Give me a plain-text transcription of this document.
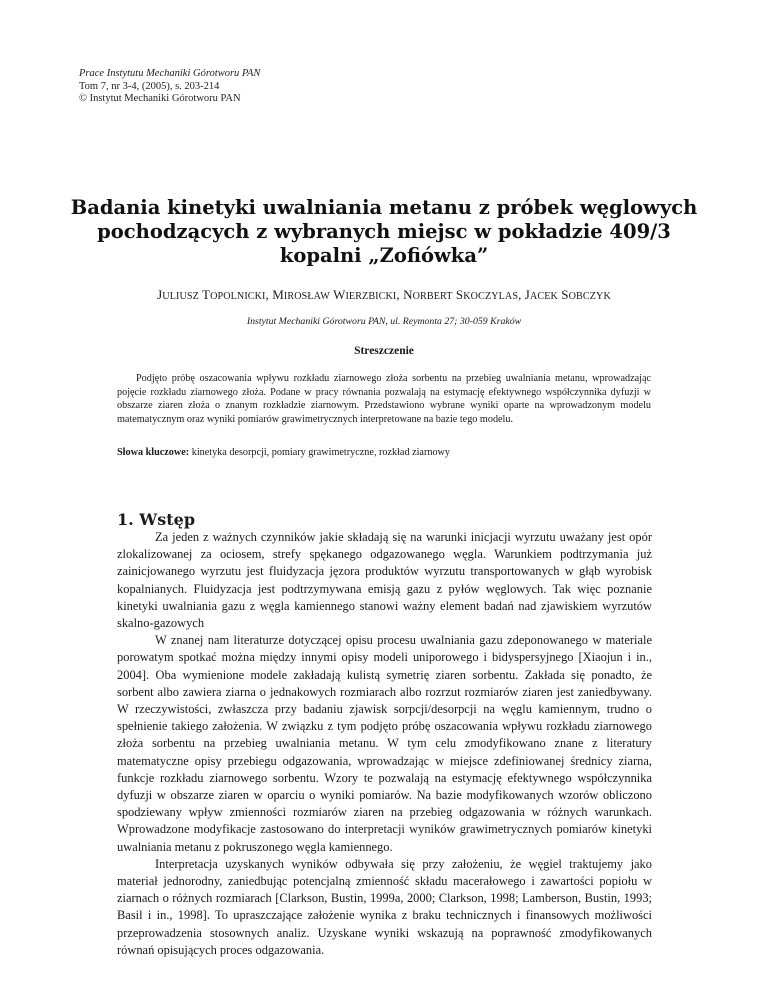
Prace Instytutu Mechaniki Górotworu PAN
Tom 7, nr 3-4, (2005), s. 203-214
© Instytut Mechaniki Górotworu PAN
Badania kinetyki uwalniania metanu z próbek węglowych pochodzących z wybranych miejsc w pokładzie 409/3 kopalni „Zofiówka”
JULIUSZ TOPOLNICKI, MIROSŁAW WIERZBICKI, NORBERT SKOCZYLAS, JACEK SOBCZYK
Instytut Mechaniki Górotworu PAN, ul. Reymonta 27; 30-059 Kraków
Streszczenie

Podjęto próbę oszacowania wpływu rozkładu ziarnowego złoża sorbentu na przebieg uwalniania metanu, wprowadzając pojęcie rozkładu ziarnowego złoża. Podane w pracy równania pozwalają na estymację efektywnego współczynnika dyfuzji w obszarze ziaren złoża o znanym rozkładzie ziarnowym. Przedstawiono wybrane wyniki oparte na wprowadzonym modelu matematycznym oraz wyniki pomiarów grawimetrycznych interpretowane na bazie tego modelu.

Słowa kluczowe: kinetyka desorpcji, pomiary grawimetryczne, rozkład ziarnowy
1. Wstęp

Za jeden z ważnych czynników jakie składają się na warunki inicjacji wyrzutu uważany jest opór zlokalizowanej za ociosem, strefy spękanego odgazowanego węgla. Warunkiem podtrzymania już zainicjowanego wyrzutu jest fluidyzacja jęzora produktów wyrzutu transportowanych w głąb wyrobisk kopalnianych. Fluidyzacja jest podtrzymywana emisją gazu z pyłów węglowych. Tak więc poznanie kinetyki uwalniania gazu z węgla kamiennego stanowi ważny element badań nad zjawiskiem wyrzutów skalno-gazowych

W znanej nam literaturze dotyczącej opisu procesu uwalniania gazu zdeponowanego w materiale porowatym spotkać można między innymi opisy modeli uniporowego i bidyspersyjnego [Xiaojun i in., 2004]. Oba wymienione modele zakładają kulistą symetrię ziaren sorbentu. Zakłada się ponadto, że sorbent albo zawiera ziarna o jednakowych rozmiarach albo rozrzut rozmiarów ziaren jest zaniedbywany. W rzeczywistości, zwłaszcza przy badaniu zjawisk sorpcji/desorpcji na węglu kamiennym, trudno o spełnienie takiego założenia. W związku z tym podjęto próbę oszacowania wpływu rozkładu ziarnowego złoża sorbentu na przebieg uwalniania metanu. W tym celu zmodyfikowano znane z literatury matematyczne opisy przebiegu odgazowania, wprowadzając w miejsce zdefiniowanej średnicy ziarna, funkcje rozkładu ziarnowego sorbentu. Wzory te pozwalają na estymację efektywnego współczynnika dyfuzji w obszarze ziaren w oparciu o wyniki pomiarów. Na bazie modyfikowanych wzorów obliczono spodziewany wpływ zmienności rozmiarów ziaren na przebieg odgazowania w różnych warunkach. Wprowadzone modyfikacje zastosowano do interpretacji wyników grawimetrycznych pomiarów kinetyki uwalniania metanu z pokruszonego węgla kamiennego.

Interpretacja uzyskanych wyników odbywała się przy założeniu, że węgiel traktujemy jako materiał jednorodny, zaniedbując potencjalną zmienność składu macerałowego i zawartości popiołu w ziarnach o różnych rozmiarach [Clarkson, Bustin, 1999a, 2000; Clarkson, 1998; Lamberson, Bustin, 1993; Basil i in., 1998]. To upraszczające założenie wynika z braku technicznych i finansowych możliwości przeprowadzenia stosownych analiz. Uzyskane wyniki wskazują na poprawność zmodyfikowanych równań opisujących proces odgazowania.
